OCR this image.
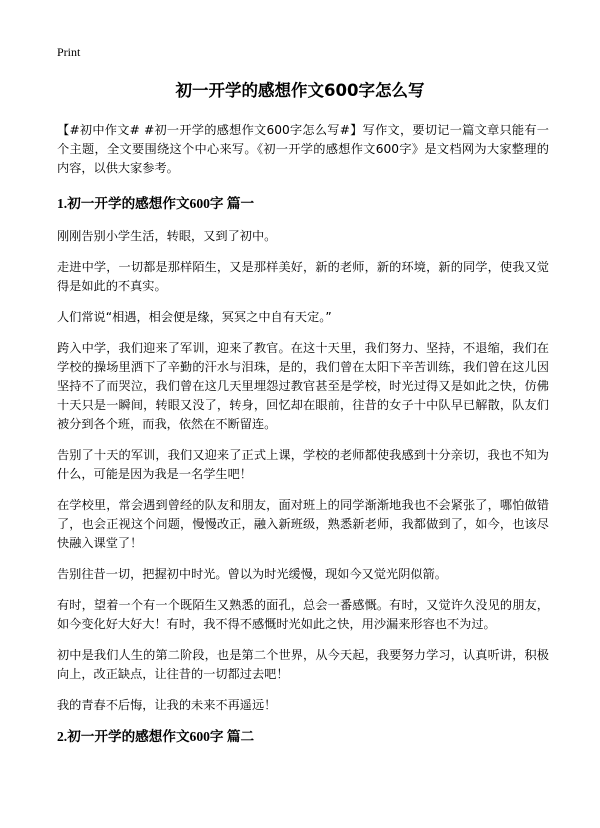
Print
初一开学的感想作文600字怎么写

【#初中作文# #初一开学的感想作文600字怎么写#】写作文，要切记一篇文章只能有一个主题，全文要围绕这个中心来写。《初一开学的感想作文600字》是文档网为大家整理的内容，以供大家参考。

1.初一开学的感想作文600字 篇一

刚刚告别小学生活，转眼，又到了初中。

走进中学，一切都是那样陌生，又是那样美好，新的老师，新的环境，新的同学，使我又觉得是如此的不真实。

人们常说“相遇，相会便是缘，冥冥之中自有天定。”

跨入中学，我们迎来了军训，迎来了教官。在这十天里，我们努力、坚持，不退缩，我们在学校的操场里洒下了辛勤的汗水与泪珠，是的，我们曾在太阳下辛苦训练，我们曾在这儿因坚持不了而哭泣，我们曾在这几天里埋怨过教官甚至是学校，时光过得又是如此之快，仿佛十天只是一瞬间，转眼又没了，转身，回忆却在眼前，往昔的女子十中队早已解散，队友们被分到各个班，而我，依然在不断留连。

告别了十天的军训，我们又迎来了正式上课，学校的老师都使我感到十分亲切，我也不知为什么，可能是因为我是一名学生吧！

在学校里，常会遇到曾经的队友和朋友，面对班上的同学渐渐地我也不会紧张了，哪怕做错了，也会正视这个问题，慢慢改正，融入新班级，熟悉新老师，我都做到了，如今，也该尽快融入课堂了！

告别往昔一切，把握初中时光。曾以为时光缓慢，现如今又觉光阴似箭。

有时，望着一个有一个既陌生又熟悉的面孔，总会一番感慨。有时，又觉许久没见的朋友，如今变化好大好大！有时，我不得不感慨时光如此之快，用沙漏来形容也不为过。

初中是我们人生的第二阶段，也是第二个世界，从今天起，我要努力学习，认真听讲，积极向上，改正缺点，让往昔的一切都过去吧！

我的青春不后悔，让我的未来不再遥远！

2.初一开学的感想作文600字 篇二
